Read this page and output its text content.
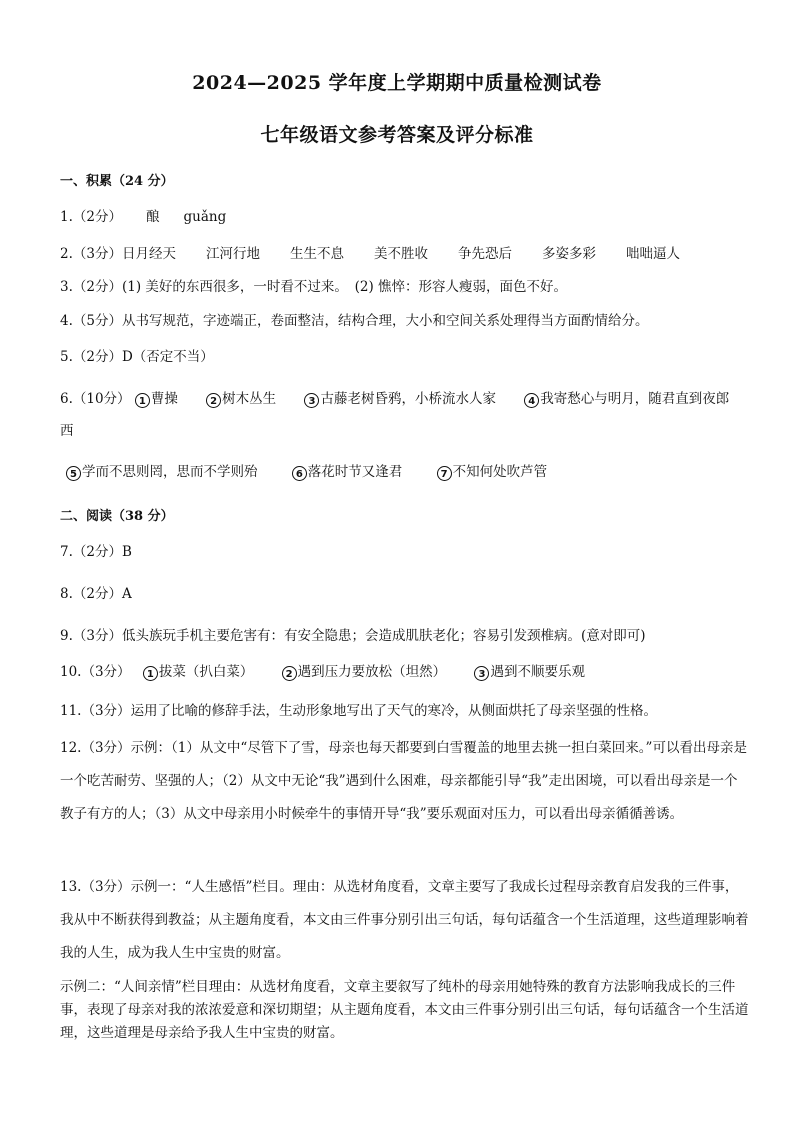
2024—2025 学年度上学期期中质量检测试卷
七年级语文参考答案及评分标准
一、积累（24 分）
1.（2分） 酿 guǎng
2.（3分）日月经天 江河行地 生生不息 美不胜收 争先恐后 多姿多彩 咄咄逼人
3.（2分）(1) 美好的东西很多，一时看不过来。　(2) 憔悴：形容人瘦弱，面色不好。
4.（5分）从书写规范，字迹端正，卷面整洁，结构合理，大小和空间关系处理得当方面酌情给分。
5.（2分）D（否定不当）
6.（10分） 1 曹操	2 树木丛生	3 古藤老树昏鸦，小桥流水人家	4 我寄愁心与明月，随君直到夜郎
西
5 学而不思则罔，思而不学则殆	6 落花时节又逢君	7 不知何处吹芦管
二、阅读（38 分）
7.（2分）B
8.（2分）A
9.（3分）低头族玩手机主要危害有：有安全隐患；会造成肌肤老化；容易引发颈椎病。(意对即可)
10.（3分） 1 拔菜（扒白菜）	2 遇到压力要放松（坦然）	3 遇到不顺要乐观
11.（3分）运用了比喻的修辞手法，生动形象地写出了天气的寒冷，从侧面烘托了母亲坚强的性格。
12.（3分）示例：（1）从文中“尽管下了雪，母亲也每天都要到白雪覆盖的地里去挑一担白菜回来。”可以看出母亲是一个吃苦耐劳、坚强的人；（2）从文中无论“我”遇到什么困难，母亲都能引导“我”走出困境，可以看出母亲是一个教子有方的人；（3）从文中母亲用小时候牵牛的事情开导“我”要乐观面对压力，可以看出母亲循循善诱。
13.（3分）示例一：“人生感悟”栏目。理由：从选材角度看，文章主要写了我成长过程母亲教育启发我的三件事，我从中不断获得到教益；从主题角度看，本文由三件事分别引出三句话，每句话蕴含一个生活道理，这些道理影响着我的人生，成为我人生中宝贵的财富。
示例二：“人间亲情”栏目理由：从选材角度看，文章主要叙写了纯朴的母亲用她特殊的教育方法影响我成长的三件事，表现了母亲对我的浓浓爱意和深切期望；从主题角度看，本文由三件事分别引出三句话，每句话蕴含一个生活道理，这些道理是母亲给予我人生中宝贵的财富。
